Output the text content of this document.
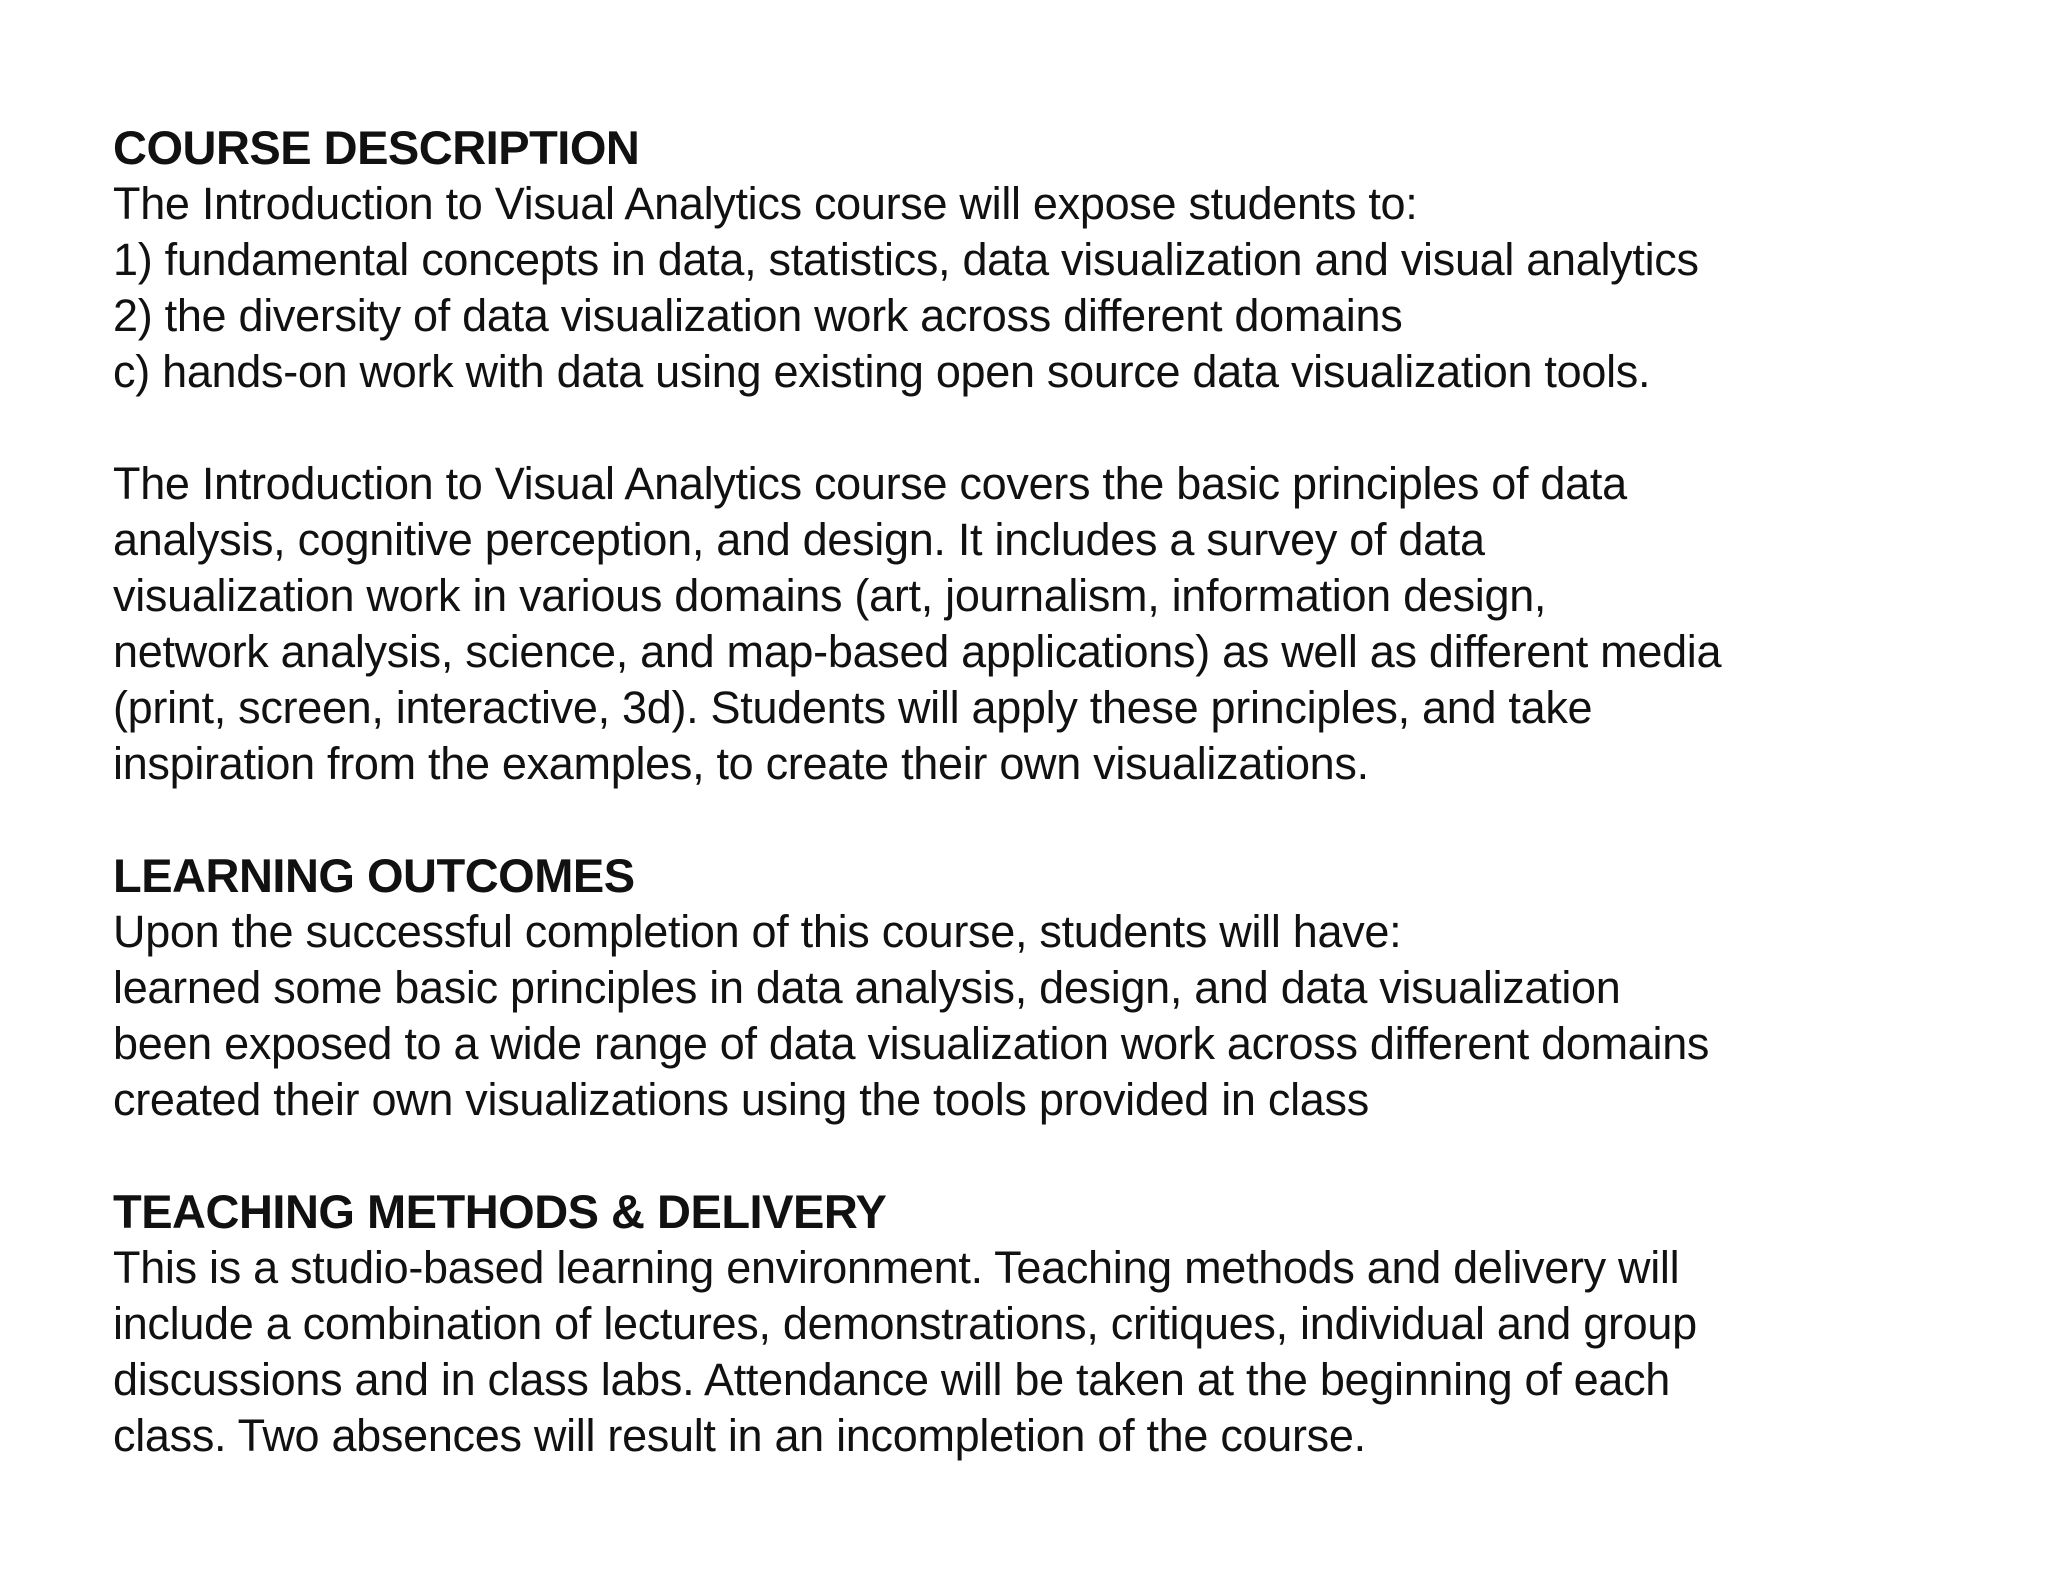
COURSE DESCRIPTION

The Introduction to Visual Analytics course will expose students to:

1) fundamental concepts in data, statistics, data visualization and visual analytics

2) the diversity of data visualization work across different domains

c) hands-on work with data using existing open source data visualization tools.

The Introduction to Visual Analytics course covers the basic principles of data

analysis, cognitive perception, and design. It includes a survey of data

visualization work in various domains (art, journalism, information design,

network analysis, science, and map-based applications) as well as different media

(print, screen, interactive, 3d). Students will apply these principles, and take

inspiration from the examples, to create their own visualizations.

LEARNING OUTCOMES

Upon the successful completion of this course, students will have:

learned some basic principles in data analysis, design, and data visualization

been exposed to a wide range of data visualization work across different domains

created their own visualizations using the tools provided in class

TEACHING METHODS & DELIVERY

This is a studio-based learning environment. Teaching methods and delivery will

include a combination of lectures, demonstrations, critiques, individual and group

discussions and in class labs. Attendance will be taken at the beginning of each

class. Two absences will result in an incompletion of the course.
